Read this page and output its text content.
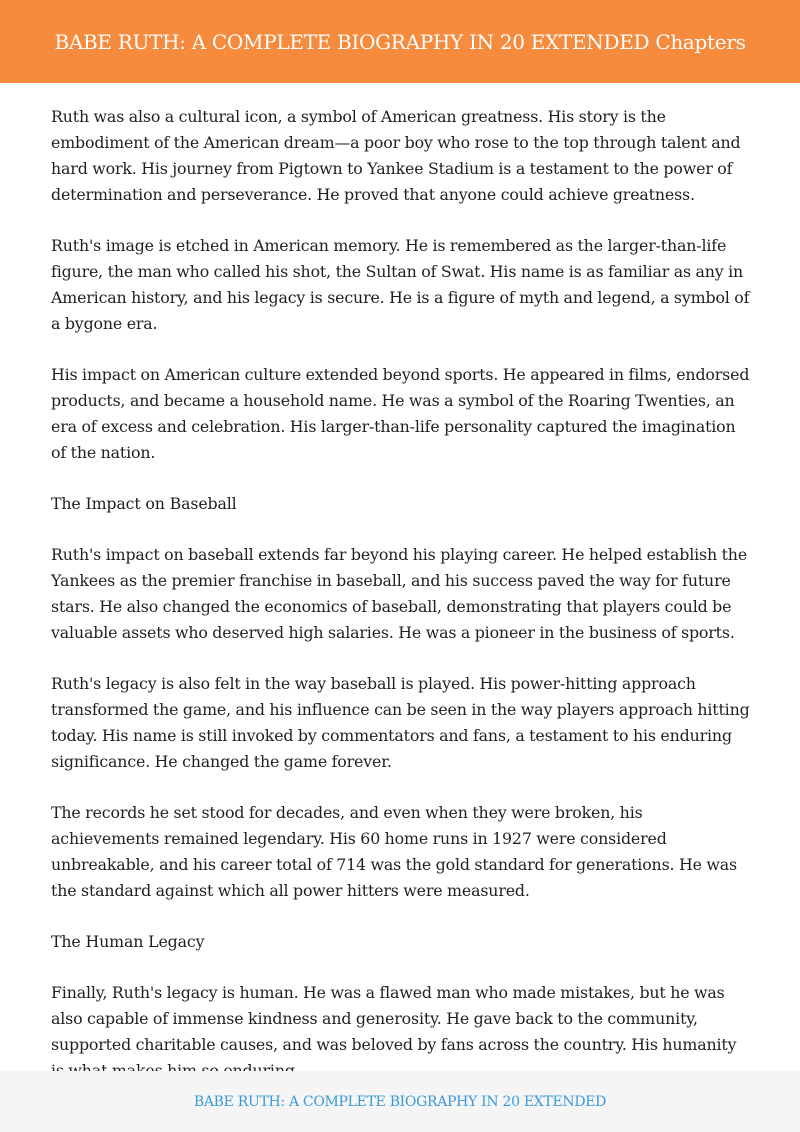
BABE RUTH: A COMPLETE BIOGRAPHY IN 20 EXTENDED Chapters

Ruth was also a cultural icon, a symbol of American greatness. His story is the embodiment of the American dream—a poor boy who rose to the top through talent and hard work. His journey from Pigtown to Yankee Stadium is a testament to the power of determination and perseverance. He proved that anyone could achieve greatness.

Ruth's image is etched in American memory. He is remembered as the larger-than-life figure, the man who called his shot, the Sultan of Swat. His name is as familiar as any in American history, and his legacy is secure. He is a figure of myth and legend, a symbol of a bygone era.

His impact on American culture extended beyond sports. He appeared in films, endorsed products, and became a household name. He was a symbol of the Roaring Twenties, an era of excess and celebration. His larger-than-life personality captured the imagination of the nation.

The Impact on Baseball

Ruth's impact on baseball extends far beyond his playing career. He helped establish the Yankees as the premier franchise in baseball, and his success paved the way for future stars. He also changed the economics of baseball, demonstrating that players could be valuable assets who deserved high salaries. He was a pioneer in the business of sports.

Ruth's legacy is also felt in the way baseball is played. His power-hitting approach transformed the game, and his influence can be seen in the way players approach hitting today. His name is still invoked by commentators and fans, a testament to his enduring significance. He changed the game forever.

The records he set stood for decades, and even when they were broken, his achievements remained legendary. His 60 home runs in 1927 were considered unbreakable, and his career total of 714 was the gold standard for generations. He was the standard against which all power hitters were measured.

The Human Legacy

Finally, Ruth's legacy is human. He was a flawed man who made mistakes, but he was also capable of immense kindness and generosity. He gave back to the community, supported charitable causes, and was beloved by fans across the country. His humanity

BABE RUTH: A COMPLETE BIOGRAPHY IN 20 EXTENDED
